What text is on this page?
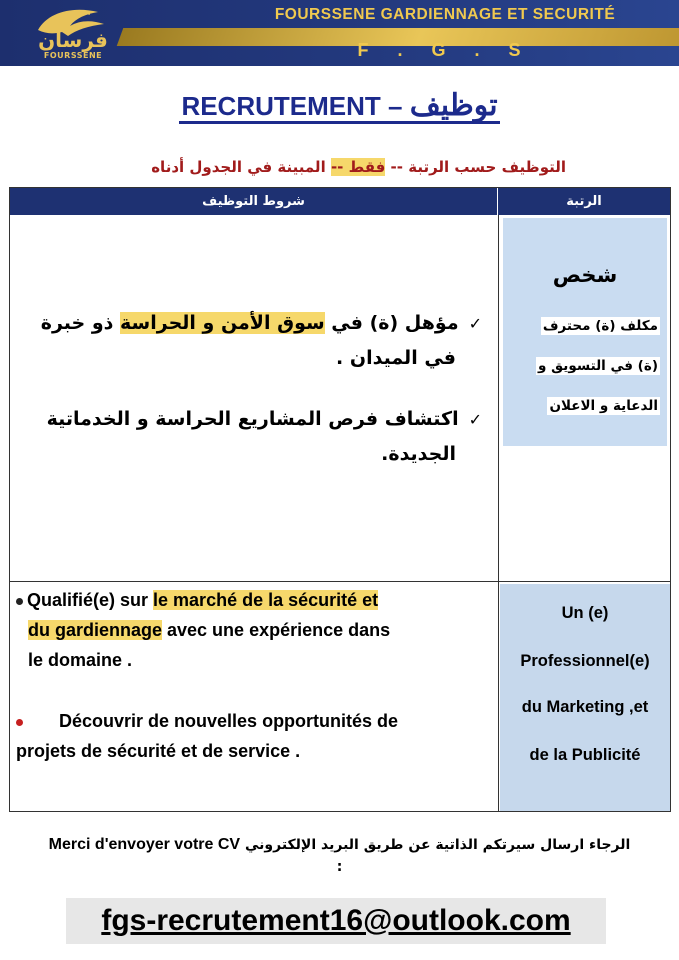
فرسان
FOURSSENE
FOURSSENE GARDIENNAGE ET SECURITÉ
F . G . S
RECRUTEMENT – توظيف
التوظيف حسب الرتبة -- فقط -- المبينة في الجدول أدناه
شروط التوظيف	الرتبة
شخص
مكلف (ة) محترف
(ة) في التسويق و
الدعاية و الاعلان
✓مؤهل (ة) في سوق الأمن و الحراسة ذو خبرة
في الميدان .
✓اكتشاف فرص المشاريع الحراسة و الخدماتية
الجديدة.
Un (e)
Professionnel(e)
du Marketing ,et
de la Publicité
Qualifié(e) sur le marché de la sécurité et
du gardiennage avec une expérience dans
le domaine .
Découvrir de nouvelles opportunités de
projets de sécurité et de service .
Merci d'envoyer votre CV الرجاء ارسال سيرتكم الذاتية عن طريق البريد الإلكتروني
:
fgs-recrutement16@outlook.com
